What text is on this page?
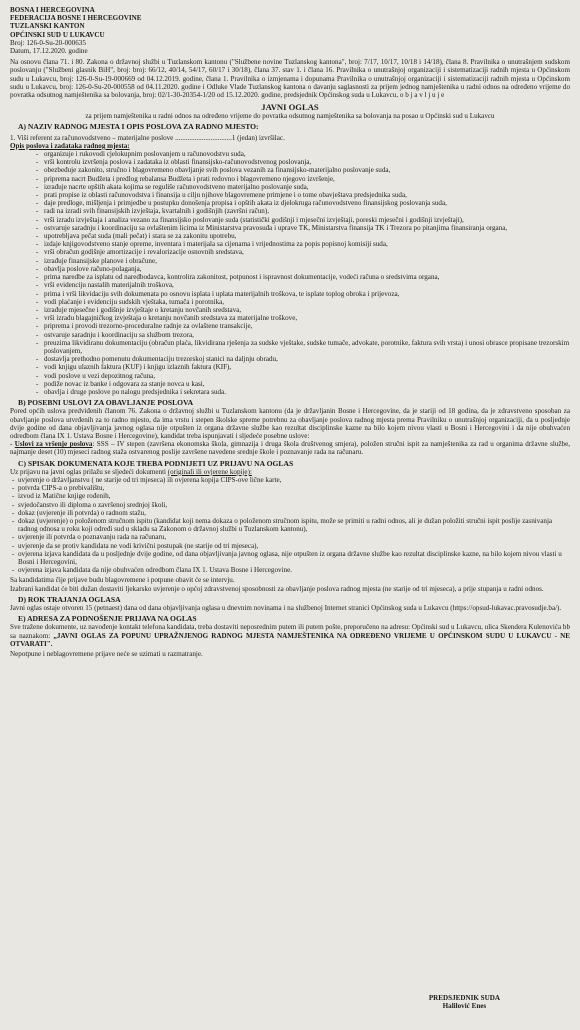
BOSNA I HERCEGOVINA
FEDERACIJA BOSNE I HERCEGOVINE
TUZLANSKI KANTON
OPĆINSKI SUD U LUKAVCU
Broj: 126-0-Su-20-000635
Datum, 17.12.2020. godine
Na osnovu člana 71. i 80. Zakona o državnoj službi u Tuzlanskom kantonu ("Službene novine Tuzlanskog kantona", broj: 7/17, 10/17, 10/18 i 14/18), člana 8. Pravilnika o unutrašnjem sudskom poslovanju ("Službeni glasnik BiH", broj: broj: 66/12, 40/14, 54/17, 60/17 i 30/18), člana 37. stav 1. i člana 16. Pravilnika o unutrašnjoj organizaciji i sistematizaciji radnih mjesta u Općinskom sudu u Lukavcu, broj: 126-0-Su-19-000669 od 04.12.2019. godine, člana 1. Pravilnika o izmjenama i dopunama Pravilnika o unutrašnjoj organizaciji i sistematizaciji radnih mjesta u Općinskom sudu u Lukavcu, broj: 126-0-Su-20-000558 od 04.11.2020. godine i Odluke Vlade Tuzlanskog kantona o davanju saglasnosti za prijem jednog namještenika u radni odnos na određeno vrijeme do povratka odsutnog namještenika sa bolovanja, broj: 02/1-30-20354-1/20 od 15.12.2020. godine, predsjednik Općinskog suda u Lukavcu, o b j a v l j u j e
JAVNI OGLAS
za prijem namještenika u radni odnos na određeno vrijeme do povratka odsutnog namještenika sa bolovanja na posao u Općinski sud u Lukavcu
A) NAZIV RADNOG MJESTA I OPIS POSLOVA ZA RADNO MJESTO:
1. Viši referent za računovodstveno – materijalne poslove ................................1 (jedan) izvršilac.
Opis poslova i zadataka radnog mjesta:
- organizuje i rukovodi cjelokupnim poslovanjem u računovodstvu suda,
- vrši kontrolu izvršenja poslova i zadataka iz oblasti finansijsko-računovodstvenog poslovanja,
- obezbeđuje zakonito, stručno i blagovremeno obavljanje svih poslova vezanih za finansijsko-materijalno poslovanje suda,
- priprema nacrt Budžeta i predlog rebalansa Budžeta i prati redovno i blagovremeno njegovo izvršenje,
- izrađuje nacrte opštih akata kojima se reguliše računovodstveno materijalno poslovanje suda,
- prati propise iz oblasti računovodstva i finansija u cilju njihove blagovremene primjene i o tome obavještava predsjednika suda,
- daje predloge, mišljenja i primjedbe u postupku donošenja propisa i opštih akata iz djelokruga računovodstveno finansijskog poslovanja suda,
- radi na izradi svih finansijskih izvještaja, kvartalnih i godišnjih (završni račun),
- vrši izradu izvještaja i analiza vezano za finansijsko poslovanje suda (statistički godišnji i mjesečni izvještaji, poreski mjesečni i godišnji izvještaji),
- ostvaruje saradnju i koordinaciju sa ovlaštenim licima iz Ministarstva pravosuđa i uprave TK, Ministarstva finansija TK i Trezora po pitanjima finansiranja organa,
- upotrebljava pečat suda (mali pečat) i starа se za zakonitu upotrebu,
- izdaje knjigovodstveno stanje opreme, inventara i materijala sa cijenama i vrijednostima za popis popisnoj komisiji suda,
- vrši obračun godišnje amortizacije i revalorizacije osnovnih sredstava,
- izrađuje finansijske planove i obračune,
- obavlja poslove računo-polaganja,
- prima naredbe za isplatu od naredbodavca, kontrolira zakonitost, potpunost i ispravnost dokumentacije, vodeći računa o sredstvima organa,
- vrši evidenciju nastalih materijalnih troškova,
- prima i vrši likvidaciju svih dokumenata po osnovu isplata i uplata materijalnih troškova, te isplate toplog obroka i prijevoza,
- vodi plaćanje i evidenciju sudskih vještaka, tumača i porotnika,
- izrađuje mjesečne i godišnje izvještaje o kretanju novčanih sredstava,
- vrši izradu blagajničkog izvještaja o kretanju novčanih sredstava za materijalne troškove,
- priprema i provodi trezorno-proceduralne radnje za ovlaštene transakcije,
- ostvaruje saradnju i koordinaciju sa službom trezora,
- preuzima likvidiranu dokumentaciju (obračun plaća, likvidirana rješenja za sudske vještake, sudske tumače, advokate, porotnike, faktura svih vrsta) i unosi obrasce propisane trezorskim poslovanjem,
- dostavlja prethodno pomenutu dokumentaciju trezorskoj stanici na daljnju obradu,
- vodi knjigu ulaznih faktura (KUF) i knjigu izlaznih faktura (KIF),
- vodi poslove u vezi depozitnog računa,
- podiže novac iz banke i odgovara za stanje novca u kasi,
- obavlja i druge poslove po nalogu predsjednika i sekretara suda.
B) POSEBNI USLOVI ZA OBAVLJANJE POSLOVA
Pored općih uslova predviđenih članom 76. Zakona o državnoj službi u Tuzlanskom kantonu (da je državljanin Bosne i Hercegovine, da je stariji od 18 godina, da je zdravstveno sposoban za obavljanje poslova utvrđenih za to radno mjesto, da ima vrstu i stepen školske spreme potrebnu za obavljanje poslova radnog mjesta prema Pravilniku o unutrašnjoj organizaciji, da u posljednje dvije godine od dana objavljivanja javnog oglasa nije otpušten iz organa državne službe kao rezultat disciplinske kazne na bilo kojem nivou vlasti u Bosni i Hercegovini i da nije obuhvaćen odredbom člana IX 1. Ustava Bosne i Hercegovine), kandidat treba ispunjavati i sljedeće posebne uslove:
- Uslovi za vršenje poslova: SSS – IV stepen (završena ekonomska škola, gimnazija i druga škola društvenog smjera), položen stručni ispit za namještenika za rad u organima državne službe, najmanje deset (10) mjeseci radnog staža ostvarenog poslije završene navedene srednje škole i poznavanje rada na računaru.
C) SPISAK DOKUMENATA KOJE TREBA PODNIJETI UZ PRIJAVU NA OGLAS
Uz prijavu na javni oglas prilažu se sljedeći dokumenti (originali ili ovjerene kopije):
- uvjerenje o državljanstvu ( ne starije od tri mjeseca) ili ovjerena kopija CIPS-ove lične karte,
- potvrda CIPS-a o prebivalištu,
- izvod iz Matične knjige rođenih,
- svjedočanstvo ili diploma o završenoj srednjoj školi,
- dokaz (uvjerenje ili potvrda) o radnom stažu,
- dokaz (uvjerenje) o položenom stručnom ispitu (kandidat koji nema dokaza o položenom stručnom ispitu, može se primiti u radni odnos, ali je dužan položiti stručni ispit poslije zasnivanja radnog odnosa u roku koji određi sud u skladu sa Zakonom o državnoj službi u Tuzlanskom kantonu),
- uvjerenje ili potvrda o poznavanju rada na računaru,
- uvjerenje da se protiv kandidata ne vodi krivični postupak (ne starije od tri mjeseca),
- ovjerena izjava kandidata da u posljednje dvije godine, od dana objavljivanja javnog oglasa, nije otpušten iz organa državne službe kao rezultat disciplinske kazne, na bilo kojem nivou vlasti u Bosni i Hercegovini,
- ovjerena izjava kandidata da nije obuhvaćen odredbom člana IX 1. Ustava Bosne i Hercegovine.
Sa kandidatima čije prijave budu blagovremene i potpune obavit će se intervju.
Izabrani kandidat će biti dužan dostaviti ljekarsko uvjerenje o općoj zdravstvenoj sposobnosti za obavljanje poslova radnog mjesta (ne starije od tri mjeseca), a prije stupanja u radni odnos.
D) ROK TRAJANJA OGLASA
Javni oglas ostaje otvoren 15 (petnaest) dana od dana objavljivanja oglasa u dnevnim novinama i na službenoj Internet stranici Općinskog suda u Lukavcu (https://opsud-lukavac.pravosudje.ba/).
E) ADRESA ZA PODNOŠENJE PRIJAVA NA OGLAS
Sve tražene dokumente, uz navođenje kontakt telefona kandidata, treba dostaviti neposrednim putem ili putem pošte, preporučeno na adresu: Općinski sud u Lukavcu, ulica Skendera Kulenovića bb sa naznakom: „JAVNI OGLAS ZA POPUNU UPRAŽNJENOG RADNOG MJESTA NAMJEŠTENIKA NA ODREĐENO VRIJEME U OPĆINSKOM SUDU U LUKAVCU - NE OTVARATI".
Nepotpune i neblagovremene prijave neće se uzimati u razmatranje.
PREDSJEDNIK SUDA
Halilović Enes
